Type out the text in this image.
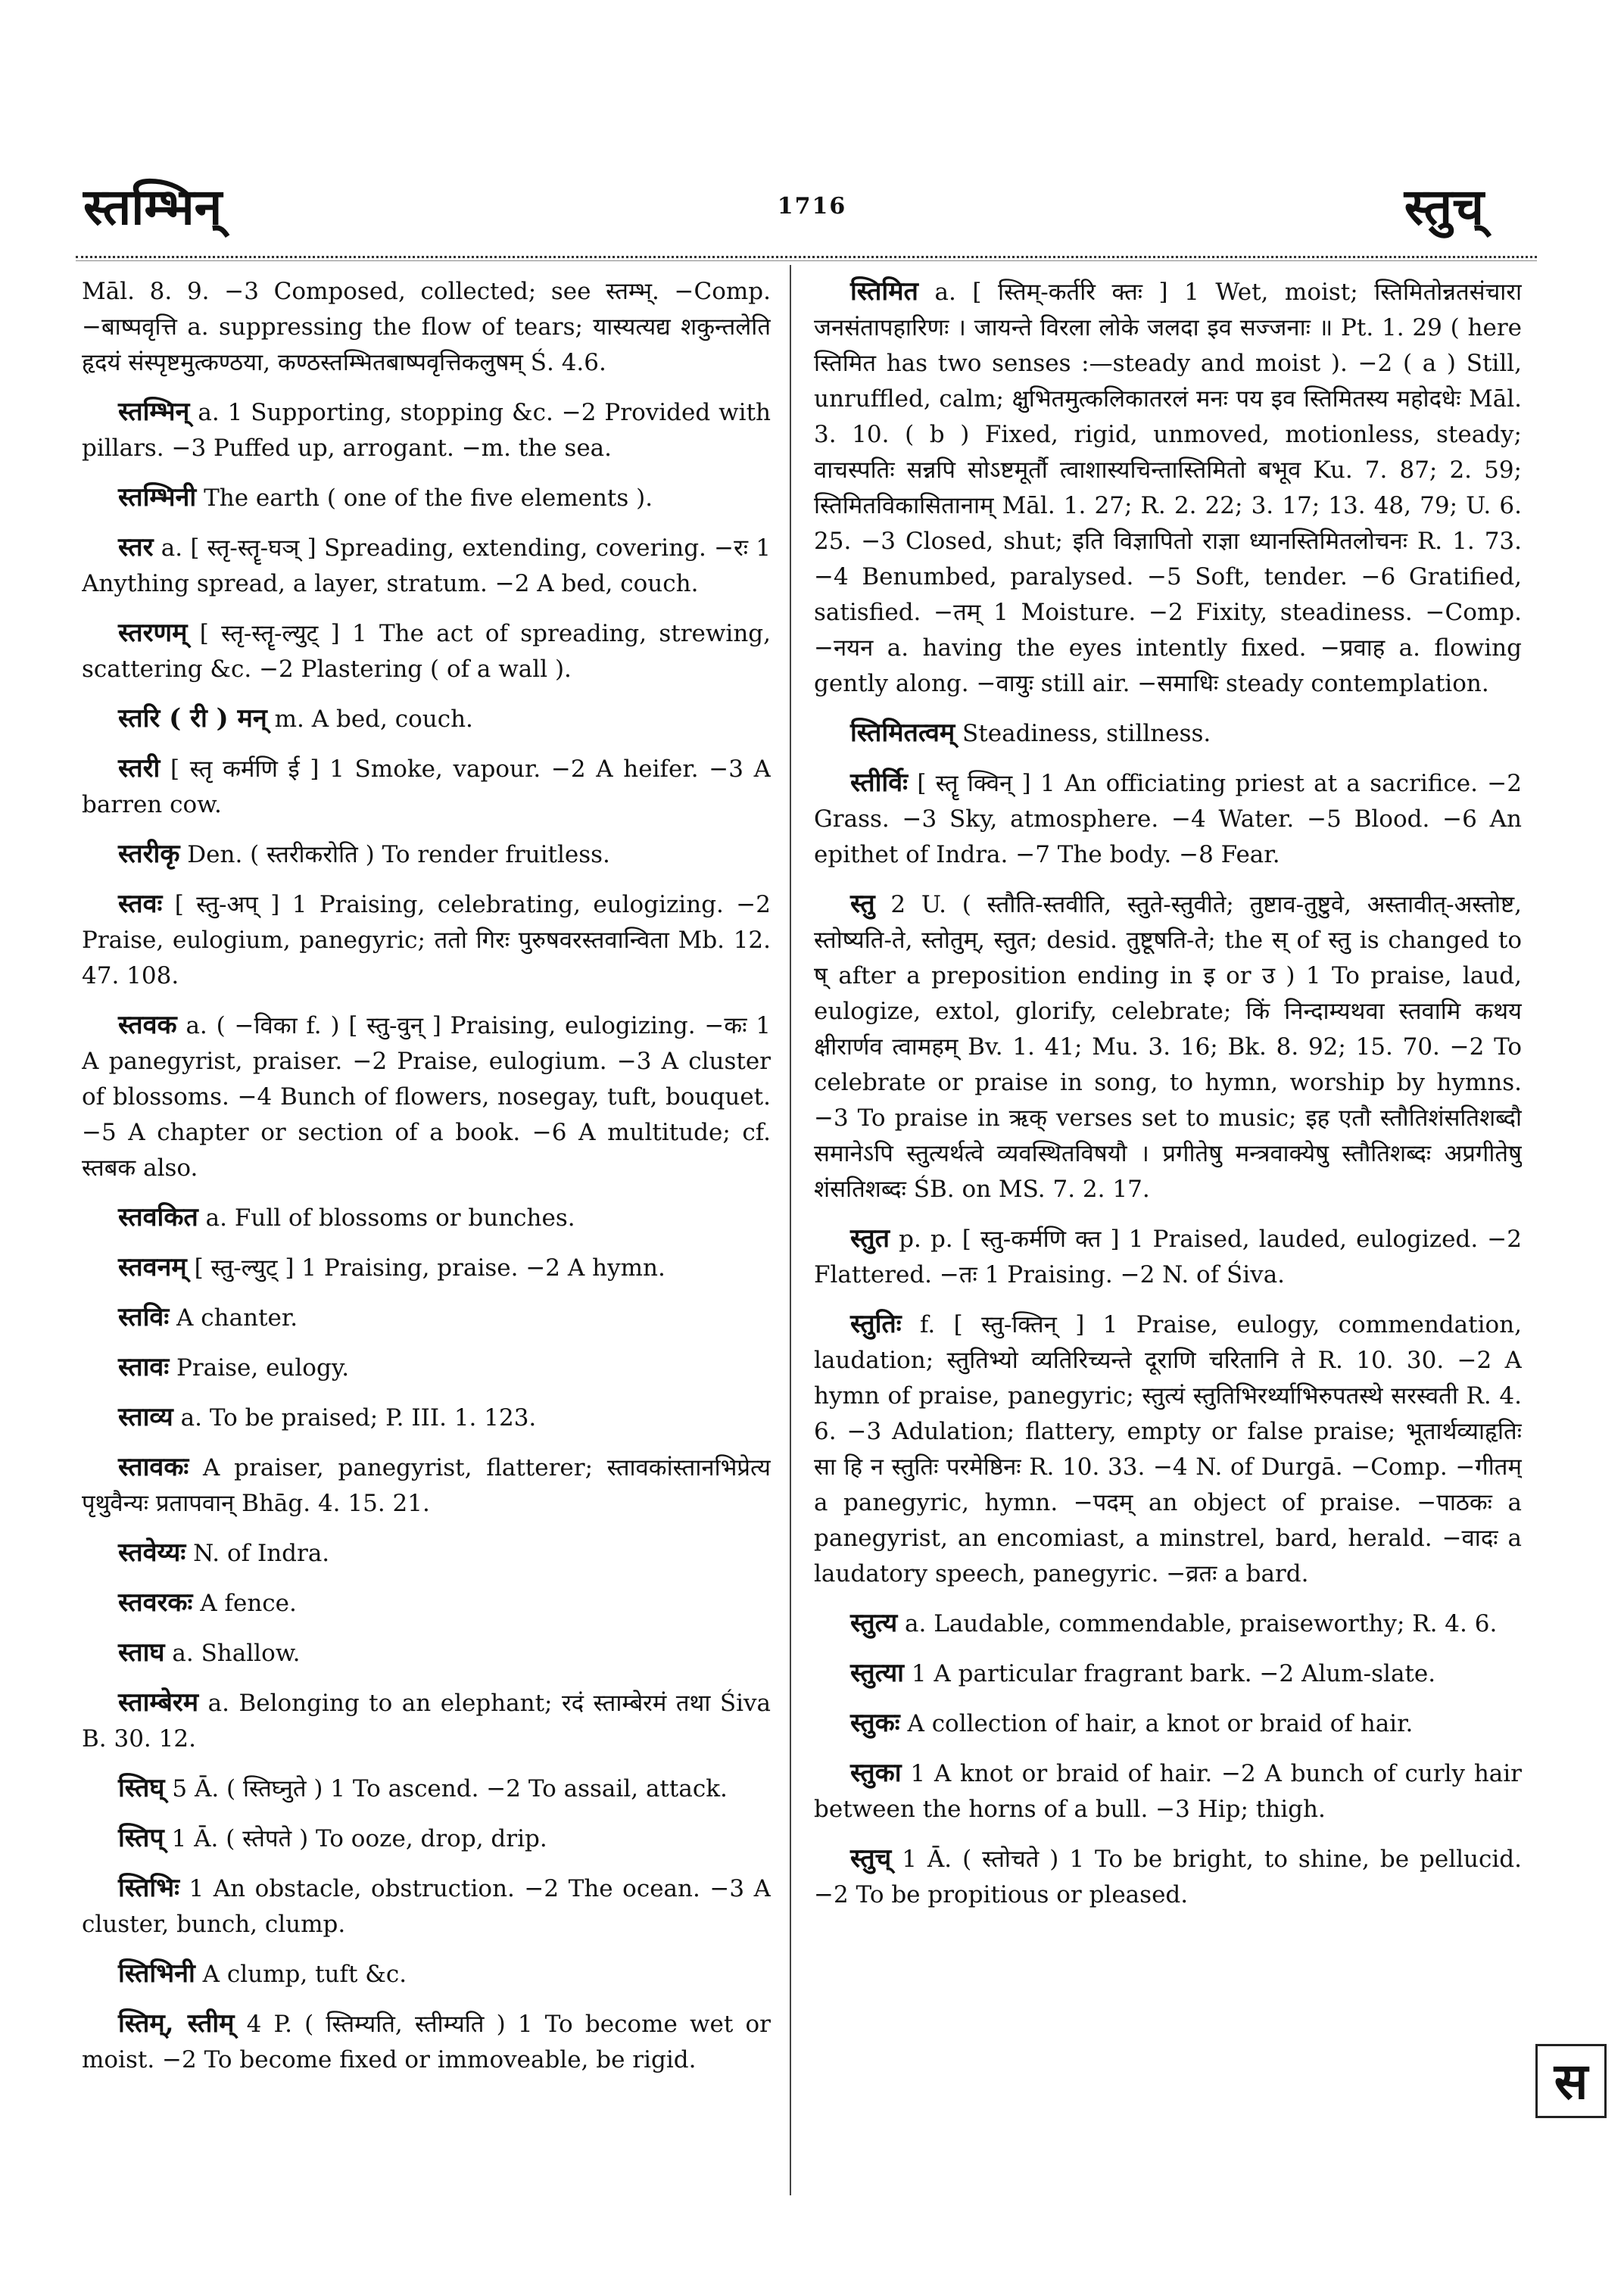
स्तम्भिन्	1716	स्तुच्

Māl. 8. 9. −3 Composed, collected; see स्तम्भ्. −Comp. −बाष्पवृत्ति a. suppressing the flow of tears; यास्यत्यद्य शकुन्तलेति हृदयं संस्पृष्टमुत्कण्ठया, कण्ठस्तम्भितबाष्पवृत्तिकलुषम् Ś. 4.6.

स्तम्भिन् a. 1 Supporting, stopping &c. −2 Provided with pillars. −3 Puffed up, arrogant. −m. the sea.

स्तम्भिनी The earth ( one of the five elements ).

स्तर a. [ स्तृ-स्तॄ-घञ् ] Spreading, extending, covering. −रः 1 Anything spread, a layer, stratum. −2 A bed, couch.

स्तरणम् [ स्तृ-स्तॄ-ल्युट् ] 1 The act of spreading, strewing, scattering &c. −2 Plastering ( of a wall ).

स्तरि ( री ) मन् m. A bed, couch.

स्तरी [ स्तृ कर्मणि ई ] 1 Smoke, vapour. −2 A heifer. −3 A barren cow.

स्तरीकृ Den. ( स्तरीकरोति ) To render fruitless.

स्तवः [ स्तु-अप् ] 1 Praising, celebrating, eulogizing. −2 Praise, eulogium, panegyric; ततो गिरः पुरुषवरस्तवान्विता Mb. 12. 47. 108.

स्तवक a. ( −विका f. ) [ स्तु-वुन् ] Praising, eulogizing. −कः 1 A panegyrist, praiser. −2 Praise, eulogium. −3 A cluster of blossoms. −4 Bunch of flowers, nosegay, tuft, bouquet. −5 A chapter or section of a book. −6 A multitude; cf. स्तबक also.

स्तवकित a. Full of blossoms or bunches.

स्तवनम् [ स्तु-ल्युट् ] 1 Praising, praise. −2 A hymn.

स्तविः A chanter.

स्तावः Praise, eulogy.

स्ताव्य a. To be praised; P. III. 1. 123.

स्तावकः A praiser, panegyrist, flatterer; स्तावकांस्तानभिप्रेत्य पृथुवैन्यः प्रतापवान् Bhāg. 4. 15. 21.

स्तवेय्यः N. of Indra.

स्तवरकः A fence.

स्ताघ a. Shallow.

स्ताम्बेरम a. Belonging to an elephant; रदं स्ताम्बेरमं तथा Śiva B. 30. 12.

स्तिघ् 5 Ā. ( स्तिघ्नुते ) 1 To ascend. −2 To assail, attack.

स्तिप् 1 Ā. ( स्तेपते ) To ooze, drop, drip.

स्तिभिः 1 An obstacle, obstruction. −2 The ocean. −3 A cluster, bunch, clump.

स्तिभिनी A clump, tuft &c.

स्तिम्, स्तीम् 4 P. ( स्तिम्यति, स्तीम्यति ) 1 To become wet or moist. −2 To become fixed or immoveable, be rigid.

स्तिमित a. [ स्तिम्-कर्तरि क्तः ] 1 Wet, moist; स्तिमितोन्नतसंचारा जनसंतापहारिणः । जायन्ते विरला लोके जलदा इव सज्जनाः ॥ Pt. 1. 29 ( here स्तिमित has two senses :—steady and moist ). −2 ( a ) Still, unruffled, calm; क्षुभितमुत्कलिकातरलं मनः पय इव स्तिमितस्य महोदधेः Māl. 3. 10. ( b ) Fixed, rigid, unmoved, motionless, steady; वाचस्पतिः सन्नपि सोऽष्टमूर्तौ त्वाशास्यचिन्तास्तिमितो बभूव Ku. 7. 87; 2. 59; स्तिमितविकासितानाम् Māl. 1. 27; R. 2. 22; 3. 17; 13. 48, 79; U. 6. 25. −3 Closed, shut; इति विज्ञापितो राज्ञा ध्यानस्तिमितलोचनः R. 1. 73. −4 Benumbed, paralysed. −5 Soft, tender. −6 Gratified, satisfied. −तम् 1 Moisture. −2 Fixity, steadiness. −Comp. −नयन a. having the eyes intently fixed. −प्रवाह a. flowing gently along. −वायुः still air. −समाधिः steady contemplation.

स्तिमितत्वम् Steadiness, stillness.

स्तीर्विः [ स्तॄ क्विन् ] 1 An officiating priest at a sacrifice. −2 Grass. −3 Sky, atmosphere. −4 Water. −5 Blood. −6 An epithet of Indra. −7 The body. −8 Fear.

स्तु 2 U. ( स्तौति-स्तवीति, स्तुते-स्तुवीते; तुष्टाव-तुष्टुवे, अस्तावीत्-अस्तोष्ट, स्तोष्यति-ते, स्तोतुम्, स्तुत; desid. तुष्टूषति-ते; the स् of स्तु is changed to ष् after a preposition ending in इ or उ ) 1 To praise, laud, eulogize, extol, glorify, celebrate; किं निन्दाम्यथवा स्तवामि कथय क्षीरार्णव त्वामहम् Bv. 1. 41; Mu. 3. 16; Bk. 8. 92; 15. 70. −2 To celebrate or praise in song, to hymn, worship by hymns. −3 To praise in ऋक् verses set to music; इह एतौ स्तौतिशंसतिशब्दौ समानेऽपि स्तुत्यर्थत्वे व्यवस्थितविषयौ । प्रगीतेषु मन्त्रवाक्येषु स्तौतिशब्दः अप्रगीतेषु शंसतिशब्दः ŚB. on MS. 7. 2. 17.

स्तुत p. p. [ स्तु-कर्मणि क्त ] 1 Praised, lauded, eulogized. −2 Flattered. −तः 1 Praising. −2 N. of Śiva.

स्तुतिः f. [ स्तु-क्तिन् ] 1 Praise, eulogy, commendation, laudation; स्तुतिभ्यो व्यतिरिच्यन्ते दूराणि चरितानि ते R. 10. 30. −2 A hymn of praise, panegyric; स्तुत्यं स्तुतिभिरर्थ्याभिरुपतस्थे सरस्वती R. 4. 6. −3 Adulation; flattery, empty or false praise; भूतार्थव्याहृतिः सा हि न स्तुतिः परमेष्ठिनः R. 10. 33. −4 N. of Durgā. −Comp. −गीतम् a panegyric, hymn. −पदम् an object of praise. −पाठकः a panegyrist, an encomiast, a minstrel, bard, herald. −वादः a laudatory speech, panegyric. −व्रतः a bard.

स्तुत्य a. Laudable, commendable, praiseworthy; R. 4. 6.

स्तुत्या 1 A particular fragrant bark. −2 Alum-slate.

स्तुकः A collection of hair, a knot or braid of hair.

स्तुका 1 A knot or braid of hair. −2 A bunch of curly hair between the horns of a bull. −3 Hip; thigh.

स्तुच् 1 Ā. ( स्तोचते ) 1 To be bright, to shine, be pellucid. −2 To be propitious or pleased.

स
